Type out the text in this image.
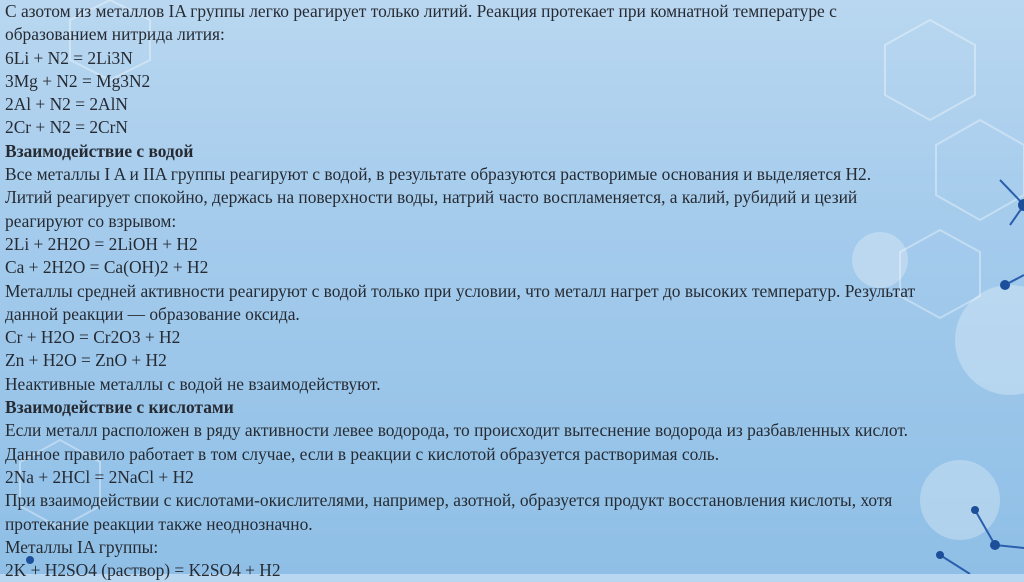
С азотом из металлов IA группы легко реагирует только литий. Реакция протекает при комнатной температуре с
образованием нитрида лития:
6Li + N2 = 2Li3N
3Mg + N2 = Mg3N2
2Al + N2 = 2AlN
2Cr + N2 = 2CrN
Взаимодействие с водой
Все металлы I A и IIA группы реагируют с водой, в результате образуются растворимые основания и выделяется H2.
Литий реагирует спокойно, держась на поверхности воды, натрий часто воспламеняется, а калий, рубидий и цезий
реагируют со взрывом:
2Li + 2H2O = 2LiOH + H2
Ca + 2H2O = Ca(OH)2 + H2
Металлы средней активности реагируют с водой только при условии, что металл нагрет до высоких температур. Результат
данной реакции — образование оксида.
Cr + H2O = Cr2O3 + H2
Zn + H2O = ZnO + H2
Неактивные металлы с водой не взаимодействуют.
Взаимодействие с кислотами
Если металл расположен в ряду активности левее водорода, то происходит вытеснение водорода из разбавленных кислот.
Данное правило работает в том случае, если в реакции с кислотой образуется растворимая соль.
2Na + 2HCl = 2NaCl + H2
При взаимодействии с кислотами-окислителями, например, азотной, образуется продукт восстановления кислоты, хотя
протекание реакции также неоднозначно.
Металлы IA группы:
2K + H2SO4 (раствор) = K2SO4 + H2
